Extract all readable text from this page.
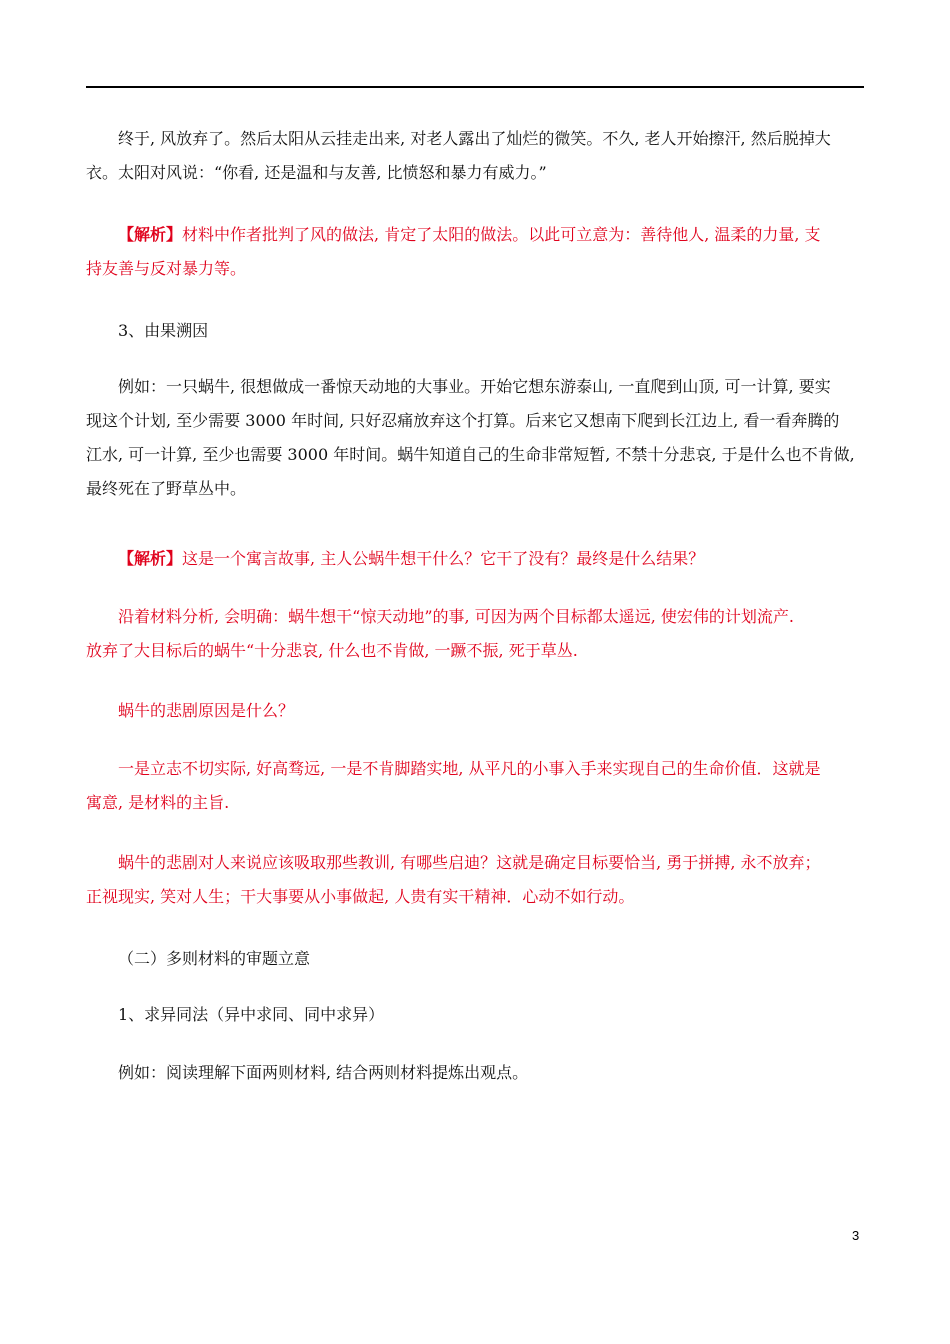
终于, 风放弃了。然后太阳从云挂走出来, 对老人露出了灿烂的微笑。不久, 老人开始擦汗, 然后脱掉大
衣。太阳对风说：“你看, 还是温和与友善, 比愤怒和暴力有威力。”
【解析】材料中作者批判了风的做法, 肯定了太阳的做法。以此可立意为：善待他人, 温柔的力量, 支
持友善与反对暴力等。
3、由果溯因
例如：一只蜗牛, 很想做成一番惊天动地的大事业。开始它想东游泰山, 一直爬到山顶, 可一计算, 要实
现这个计划, 至少需要 3000 年时间, 只好忍痛放弃这个打算。后来它又想南下爬到长江边上, 看一看奔腾的
江水, 可一计算, 至少也需要 3000 年时间。蜗牛知道自己的生命非常短暂, 不禁十分悲哀, 于是什么也不肯做,
最终死在了野草丛中。
【解析】这是一个寓言故事, 主人公蜗牛想干什么？它干了没有？最终是什么结果？
沿着材料分析, 会明确：蜗牛想干“惊天动地”的事, 可因为两个目标都太遥远, 使宏伟的计划流产.
放弃了大目标后的蜗牛“十分悲哀, 什么也不肯做, 一蹶不振, 死于草丛.
蜗牛的悲剧原因是什么？
一是立志不切实际, 好高骛远, 一是不肯脚踏实地, 从平凡的小事入手来实现自己的生命价值．这就是
寓意, 是材料的主旨.
蜗牛的悲剧对人来说应该吸取那些教训, 有哪些启迪？这就是确定目标要恰当, 勇于拼搏, 永不放弃；
正视现实, 笑对人生；干大事要从小事做起, 人贵有实干精神．心动不如行动。
（二）多则材料的审题立意
1、求异同法（异中求同、同中求异）
例如：阅读理解下面两则材料, 结合两则材料提炼出观点。
3
